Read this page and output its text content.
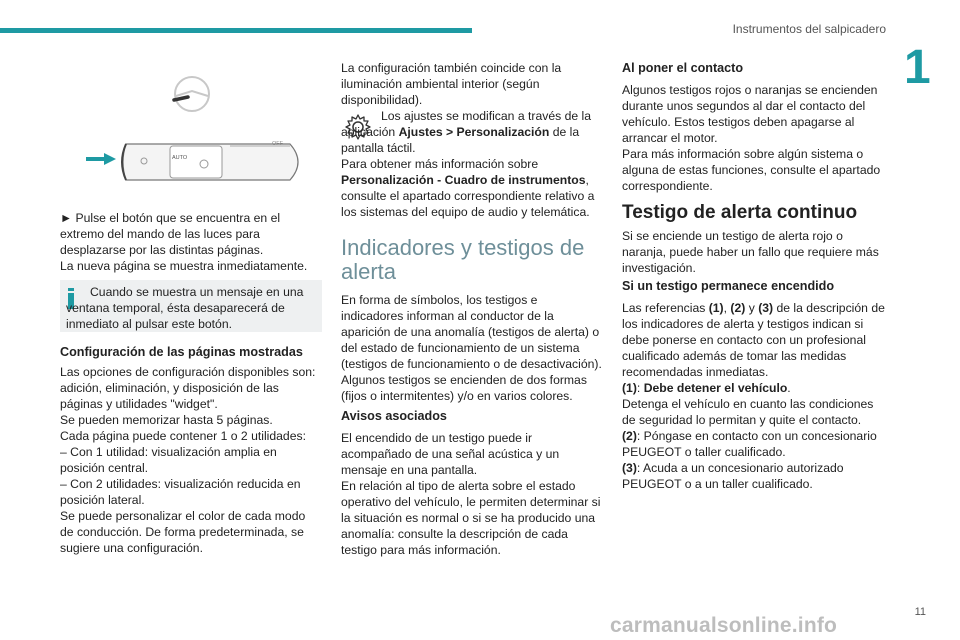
Instrumentos del salpicadero
1
AUTO
OFF

► Pulse el botón que se encuentra en el extremo del mando de las luces para desplazarse por las distintas páginas.

La nueva página se muestra inmediatamente.

Cuando se muestra un mensaje en una ventana temporal, ésta desaparecerá de inmediato al pulsar este botón.

Configuración de las páginas mostradas

Las opciones de configuración disponibles son: adición, eliminación, y disposición de las páginas y utilidades "widget".

Se pueden memorizar hasta 5 páginas.

Cada página puede contener 1 o 2 utilidades:

– Con 1 utilidad: visualización amplia en posición central.

– Con 2 utilidades: visualización reducida en posición lateral.

Se puede personalizar el color de cada modo de conducción. De forma predeterminada, se sugiere una configuración.

La configuración también coincide con la iluminación ambiental interior (según disponibilidad).

Los ajustes se modifican a través de la aplicación Ajustes > Personalización de la pantalla táctil.

Para obtener más información sobre Personalización - Cuadro de instrumentos, consulte el apartado correspondiente relativo a los sistemas del equipo de audio y telemática.

Indicadores y testigos de alerta

En forma de símbolos, los testigos e indicadores informan al conductor de la aparición de una anomalía (testigos de alerta) o del estado de funcionamiento de un sistema (testigos de funcionamiento o de desactivación). Algunos testigos se encienden de dos formas (fijos o intermitentes) y/o en varios colores.

Avisos asociados

El encendido de un testigo puede ir acompañado de una señal acústica y un mensaje en una pantalla.

En relación al tipo de alerta sobre el estado operativo del vehículo, le permiten determinar si la situación es normal o si se ha producido una anomalía: consulte la descripción de cada testigo para más información.

Al poner el contacto

Algunos testigos rojos o naranjas se encienden durante unos segundos al dar el contacto del vehículo. Estos testigos deben apagarse al arrancar el motor.

Para más información sobre algún sistema o alguna de estas funciones, consulte el apartado correspondiente.

Testigo de alerta continuo

Si se enciende un testigo de alerta rojo o naranja, puede haber un fallo que requiere más investigación.

Si un testigo permanece encendido

Las referencias (1), (2) y (3) de la descripción de los indicadores de alerta y testigos indican si debe ponerse en contacto con un profesional cualificado además de tomar las medidas recomendadas inmediatas.

(1): Debe detener el vehículo.

Detenga el vehículo en cuanto las condiciones de seguridad lo permitan y quite el contacto.

(2): Póngase en contacto con un concesionario PEUGEOT o taller cualificado.

(3): Acuda a un concesionario autorizado PEUGEOT o a un taller cualificado.

11
carmanualsonline.info
